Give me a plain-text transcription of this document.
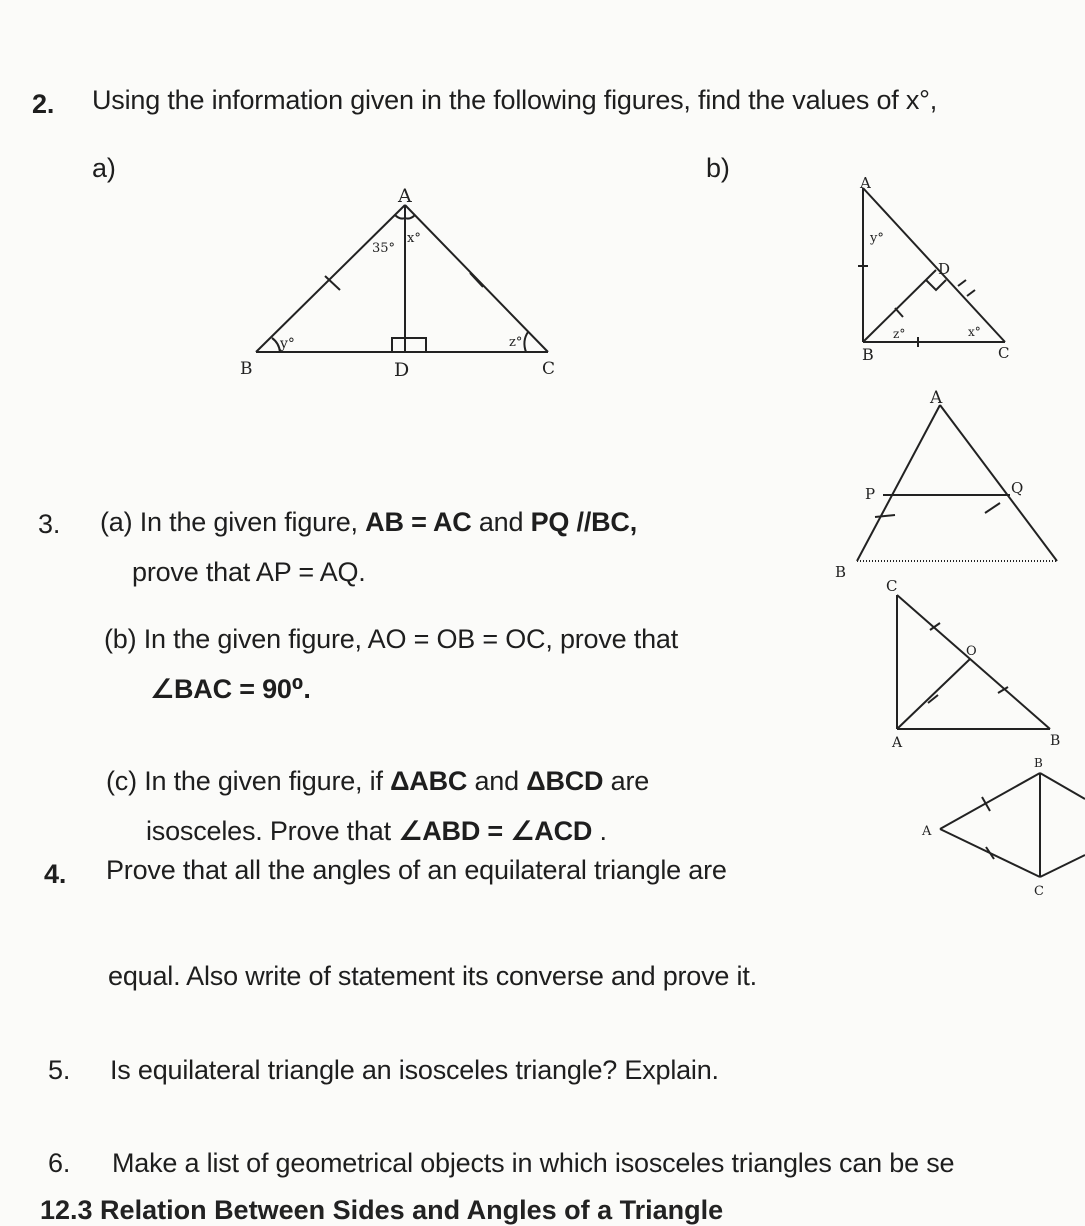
2. Using the information given in the following figures, find the values of x°,
a)	b)
A
B	D	C
35°
x°
y°	z°
A
D
B	C
y°
z°	x°
3. (a) In the given figure, AB = AC and PQ //BC,
prove that AP = AQ.
(b) In the given figure, AO = OB = OC, prove that
∠BAC = 90⁰.
(c) In the given figure, if ΔABC and ΔBCD are
isosceles. Prove that ∠ABD = ∠ACD .
A
P	Q
B
C
O
A	B
A
B
C
4. Prove that all the angles of an equilateral triangle are
equal. Also write of statement its converse and prove it.
5. Is equilateral triangle an isosceles triangle? Explain.
6. Make a list of geometrical objects in which isosceles triangles can be se
12.3 Relation Between Sides and Angles of a Triangle
